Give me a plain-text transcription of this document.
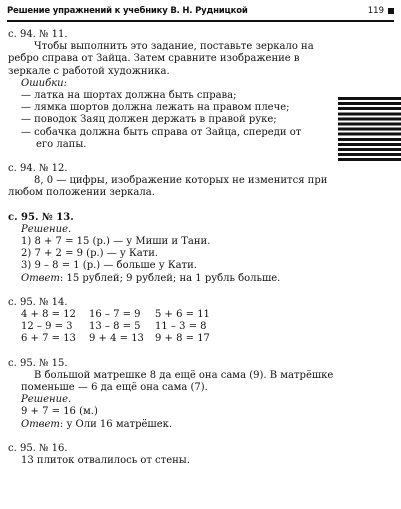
Решение упражнений к учебнику В. Н. Рудницкой	119
с. 94. № 11.
Чтобы выполнить это задание, поставьте зеркало на
ребро справа от Зайца. Затем сравните изображение в
зеркале с работой художника.
Ошибки:
— латка на шортах должна быть справа;
— лямка шортов должна лежать на правом плече;
— поводок Заяц должен держать в правой руке;
— собачка должна быть справа от Зайца, спереди от
его лапы.
с. 94. № 12.
8, 0 — цифры, изображение которых не изменится при
любом положении зеркала.
с. 95. № 13.
Решение.
1) 8 + 7 = 15 (р.) — у Миши и Тани.
2) 7 + 2 = 9 (р.) — у Кати.
3) 9 – 8 = 1 (р.) — больше у Кати.
Ответ: 15 рублей; 9 рублей; на 1 рубль больше.
с. 95. № 14.
4 + 8 = 12	16 – 7 = 9	5 + 6 = 11
12 – 9 = 3	13 – 8 = 5	11 – 3 = 8
6 + 7 = 13	9 + 4 = 13	9 + 8 = 17
с. 95. № 15.
В большой матрешке 8 да ещё она сама (9). В матрёшке
поменьше — 6 да ещё она сама (7).
Решение.
9 + 7 = 16 (м.)
Ответ: у Оли 16 матрёшек.
с. 95. № 16.
13 плиток отвалилось от стены.
